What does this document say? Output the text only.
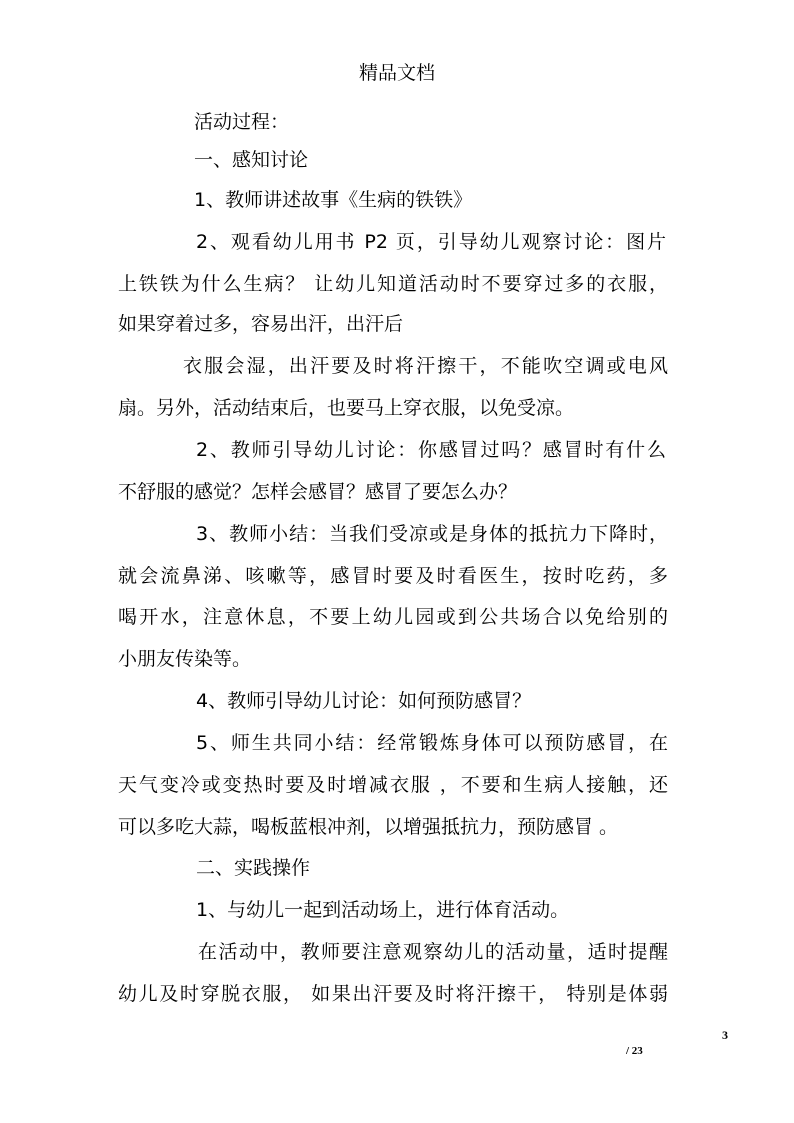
精品文档
活动过程：
一、感知讨论
1、教师讲述故事《生病的铁铁》
2、观看幼儿用书 P2 页，引导幼儿观察讨论：图片
上铁铁为什么生病？ 让幼儿知道活动时不要穿过多的衣服，
如果穿着过多，容易出汗，出汗后
衣服会湿，出汗要及时将汗擦干，不能吹空调或电风
扇。另外，活动结束后，也要马上穿衣服，以免受凉。
2、教师引导幼儿讨论：你感冒过吗？感冒时有什么
不舒服的感觉？怎样会感冒？感冒了要怎么办？
3、教师小结：当我们受凉或是身体的抵抗力下降时，
就会流鼻涕、咳嗽等，感冒时要及时看医生，按时吃药，多
喝开水，注意休息，不要上幼儿园或到公共场合以免给别的
小朋友传染等。
4、教师引导幼儿讨论：如何预防感冒？
5、师生共同小结：经常锻炼身体可以预防感冒，在
天气变冷或变热时要及时增减衣服 ，不要和生病人接触，还
可以多吃大蒜，喝板蓝根冲剂，以增强抵抗力，预防感冒 。
二、实践操作
1、与幼儿一起到活动场上，进行体育活动。
在活动中，教师要注意观察幼儿的活动量，适时提醒
幼儿及时穿脱衣服， 如果出汗要及时将汗擦干， 特别是体弱
3
/ 23
